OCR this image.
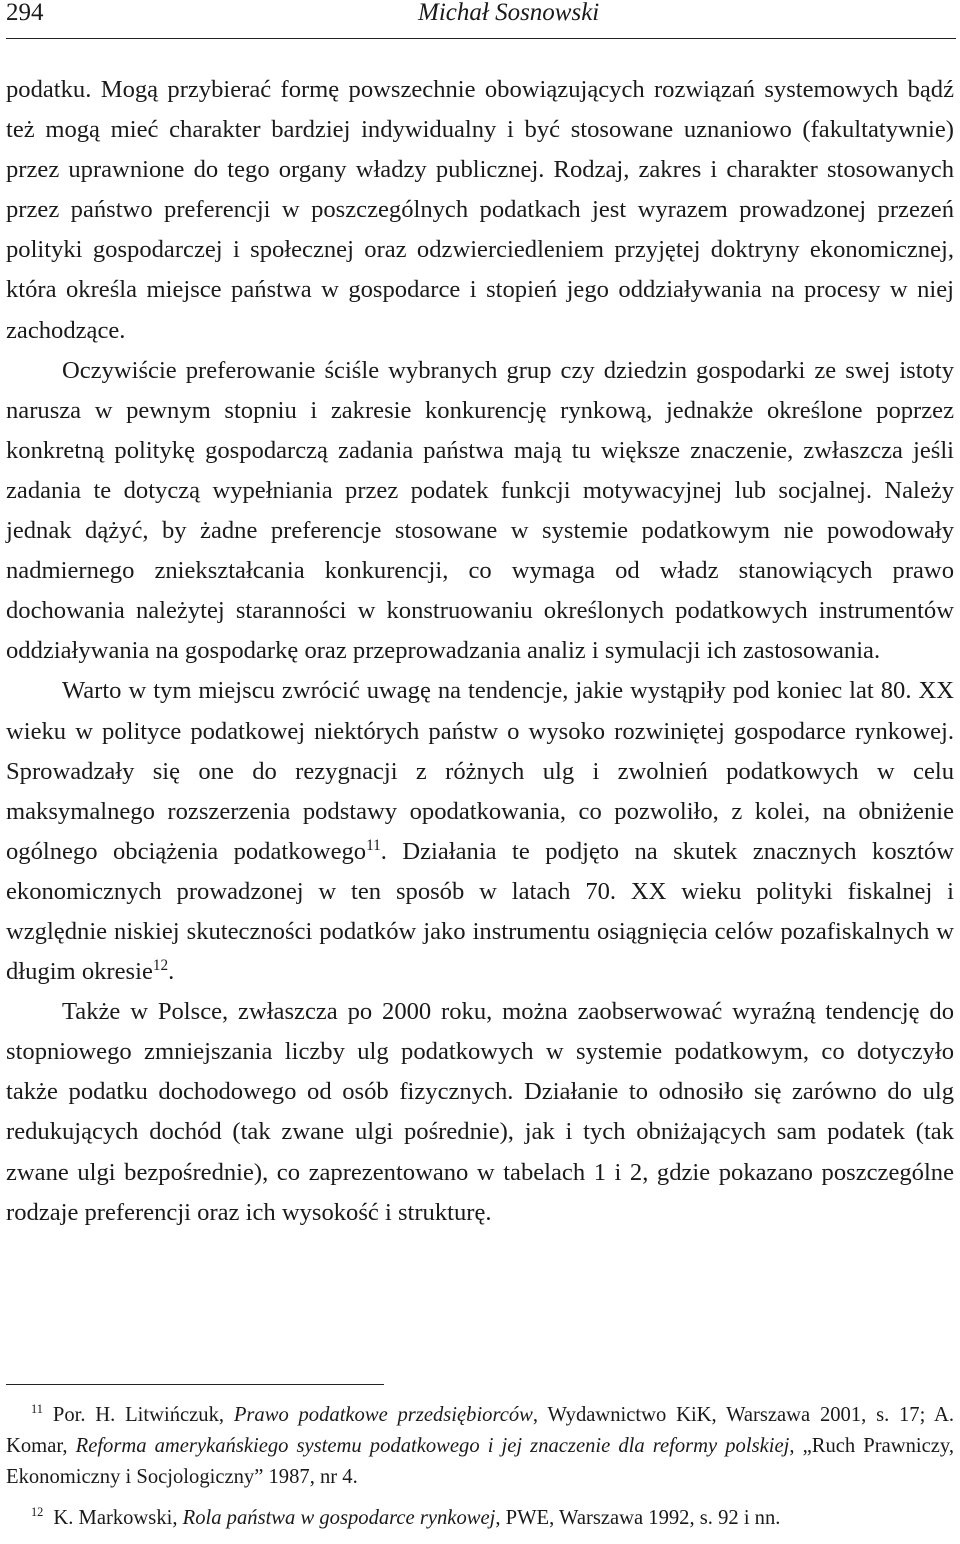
294	Michał Sosnowski

podatku. Mogą przybierać formę powszechnie obowiązujących rozwiązań systemowych bądź też mogą mieć charakter bardziej indywidualny i być stosowane uznaniowo (fakultatywnie) przez uprawnione do tego organy władzy publicznej. Rodzaj, zakres i charakter stosowanych przez państwo preferencji w poszczególnych podatkach jest wyrazem prowadzonej przezeń polityki gospodarczej i społecznej oraz odzwierciedleniem przyjętej doktryny ekonomicznej, która określa miejsce państwa w gospodarce i stopień jego oddziaływania na procesy w niej zachodzące.

Oczywiście preferowanie ściśle wybranych grup czy dziedzin gospodarki ze swej istoty narusza w pewnym stopniu i zakresie konkurencję rynkową, jednakże określone poprzez konkretną politykę gospodarczą zadania państwa mają tu większe znaczenie, zwłaszcza jeśli zadania te dotyczą wypełniania przez podatek funkcji motywacyjnej lub socjalnej. Należy jednak dążyć, by żadne preferencje stosowane w systemie podatkowym nie powodowały nadmiernego zniekształcania konkurencji, co wymaga od władz stanowiących prawo dochowania należytej staranności w konstruowaniu określonych podatkowych instrumentów oddziaływania na gospodarkę oraz przeprowadzania analiz i symulacji ich zastosowania.

Warto w tym miejscu zwrócić uwagę na tendencje, jakie wystąpiły pod koniec lat 80. XX wieku w polityce podatkowej niektórych państw o wysoko rozwiniętej gospodarce rynkowej. Sprowadzały się one do rezygnacji z różnych ulg i zwolnień podatkowych w celu maksymalnego rozszerzenia podstawy opodatkowania, co pozwoliło, z kolei, na obniżenie ogólnego obciążenia podatkowego$^{11}$. Działania te podjęto na skutek znacznych kosztów ekonomicznych prowadzonej w ten sposób w latach 70. XX wieku polityki fiskalnej i względnie niskiej skuteczności podatków jako instrumentu osiągnięcia celów pozafiskalnych w długim okresie$^{12}$.

Także w Polsce, zwłaszcza po 2000 roku, można zaobserwować wyraźną tendencję do stopniowego zmniejszania liczby ulg podatkowych w systemie podatkowym, co dotyczyło także podatku dochodowego od osób fizycznych. Działanie to odnosiło się zarówno do ulg redukujących dochód (tak zwane ulgi pośrednie), jak i tych obniżających sam podatek (tak zwane ulgi bezpośrednie), co zaprezentowano w tabelach 1 i 2, gdzie pokazano poszczególne rodzaje preferencji oraz ich wysokość i strukturę.

$^{11}$ Por. H. Litwińczuk, Prawo podatkowe przedsiębiorców, Wydawnictwo KiK, Warszawa 2001, s. 17; A. Komar, Reforma amerykańskiego systemu podatkowego i jej znaczenie dla reformy polskiej, „Ruch Prawniczy, Ekonomiczny i Socjologiczny” 1987, nr 4.

$^{12}$ K. Markowski, Rola państwa w gospodarce rynkowej, PWE, Warszawa 1992, s. 92 i nn.
